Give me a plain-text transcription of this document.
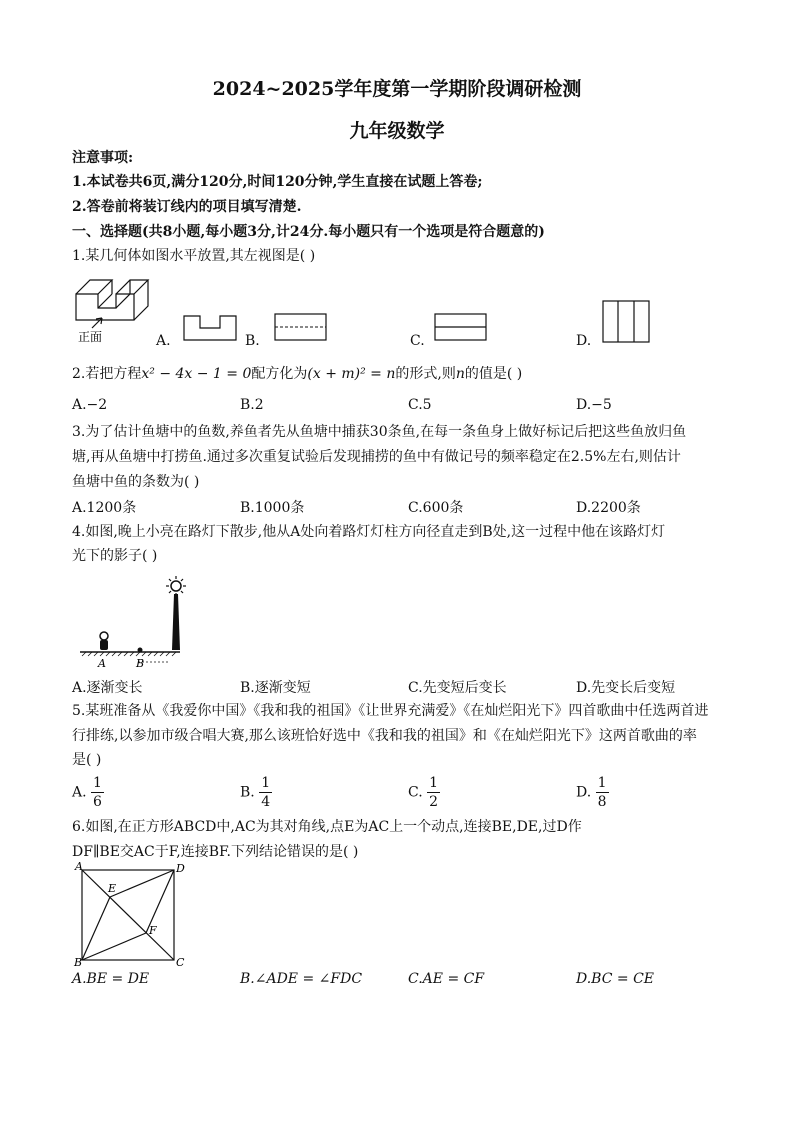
2024~2025学年度第一学期阶段调研检测
九年级数学
注意事项:
1.本试卷共6页,满分120分,时间120分钟,学生直接在试题上答卷;
2.答卷前将装订线内的项目填写清楚.
一、选择题(共8小题,每小题3分,计24分.每小题只有一个选项是符合题意的)
1.某几何体如图水平放置,其左视图是( )
正面	A.	B.	C.	D.
2.若把方程x² − 4x − 1 = 0配方化为(x + m)² = n的形式,则n的值是( )
A.−2	B.2	C.5	D.−5
3.为了估计鱼塘中的鱼数,养鱼者先从鱼塘中捕获30条鱼,在每一条鱼身上做好标记后把这些鱼放归鱼
塘,再从鱼塘中打捞鱼.通过多次重复试验后发现捕捞的鱼中有做记号的频率稳定在2.5%左右,则估计
鱼塘中鱼的条数为( )
A.1200条	B.1000条	C.600条	D.2200条
4.如图,晚上小亮在路灯下散步,他从A处向着路灯灯柱方向径直走到B处,这一过程中他在该路灯灯
光下的影子( )
A	B
A.逐渐变长	B.逐渐变短	C.先变短后变长	D.先变长后变短
5.某班准备从《我爱你中国》《我和我的祖国》《让世界充满爱》《在灿烂阳光下》四首歌曲中任选两首进
行排练,以参加市级合唱大赛,那么该班恰好选中《我和我的祖国》和《在灿烂阳光下》这两首歌曲的率
是( )
A. $\frac{1}{6}$	B. $\frac{1}{4}$	C. $\frac{1}{2}$	D. $\frac{1}{8}$
6.如图,在正方形ABCD中,AC为其对角线,点E为AC上一个动点,连接BE,DE,过D作
DF∥BE交AC于F,连接BF.下列结论错误的是( )
A	D
B	C
E
F
A.BE = DE	B.∠ADE = ∠FDC	C.AE = CF	D.BC = CE
